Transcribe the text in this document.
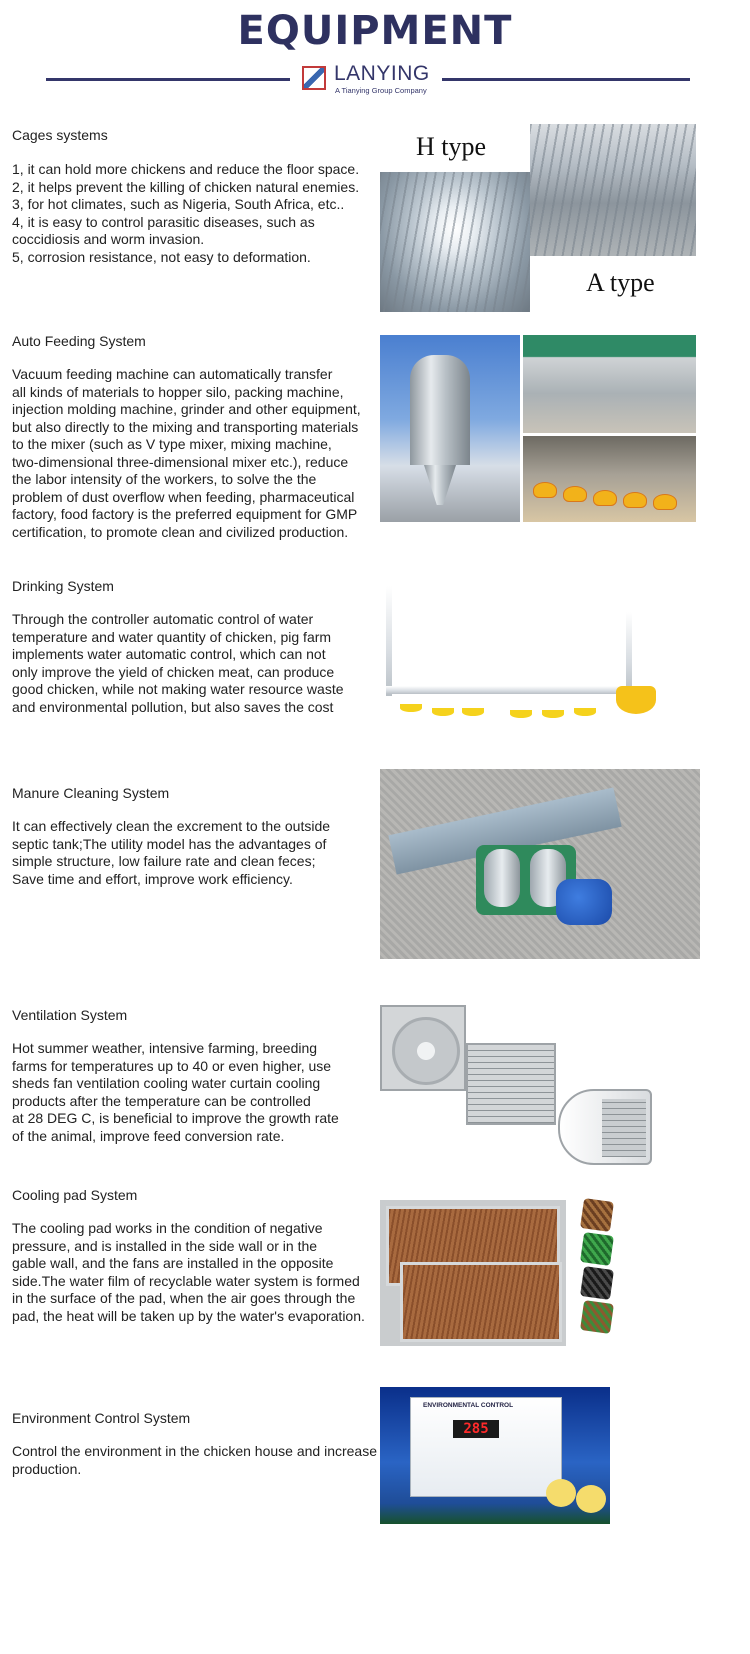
EQUIPMENT
LANYING
A Tianying Group Company
Cages systems
1, it can hold more chickens and reduce the floor space.
2, it helps prevent the killing of chicken natural enemies.
3, for hot climates, such as Nigeria, South Africa, etc..
4, it is easy to control parasitic diseases, such as
coccidiosis and worm invasion.
5, corrosion resistance, not easy to deformation.
H type
A type
Auto Feeding System
Vacuum feeding machine can automatically transfer
all kinds of materials to hopper silo, packing machine,
injection molding machine, grinder and other equipment,
but also directly to the mixing and transporting materials
to the mixer (such as V type mixer, mixing machine,
two-dimensional three-dimensional mixer etc.), reduce
the labor intensity of the workers, to solve the the
problem of dust overflow when feeding, pharmaceutical
factory, food factory is the preferred equipment for GMP
certification, to promote clean and civilized production.
Drinking System
Through the controller automatic control of water
temperature and water quantity of chicken, pig farm
implements water automatic control, which can not
only improve the yield of chicken meat, can produce
good chicken, while not making water resource waste
and environmental pollution, but also saves the cost
Manure Cleaning System
It can effectively clean the excrement to the outside
septic tank;The utility model has the advantages of
simple structure, low failure rate and clean feces;
Save time and effort, improve work efficiency.
Ventilation System
Hot summer weather, intensive farming, breeding
farms for temperatures up to 40 or even higher, use
sheds fan ventilation cooling water curtain cooling
products after the temperature can be controlled
at 28 DEG C, is beneficial to improve the growth rate
of the animal, improve feed conversion rate.
Cooling pad System
The cooling pad works in the condition of negative
pressure, and is installed in the side wall or in the
gable wall, and the fans are installed in the opposite
side.The water film of recyclable water system is formed
in the surface of the pad, when the air goes through the
pad, the heat will be taken up by the water's evaporation.
Environment Control System
Control the environment in the chicken house and increase
production.
ENVIRONMENTAL CONTROL
285
